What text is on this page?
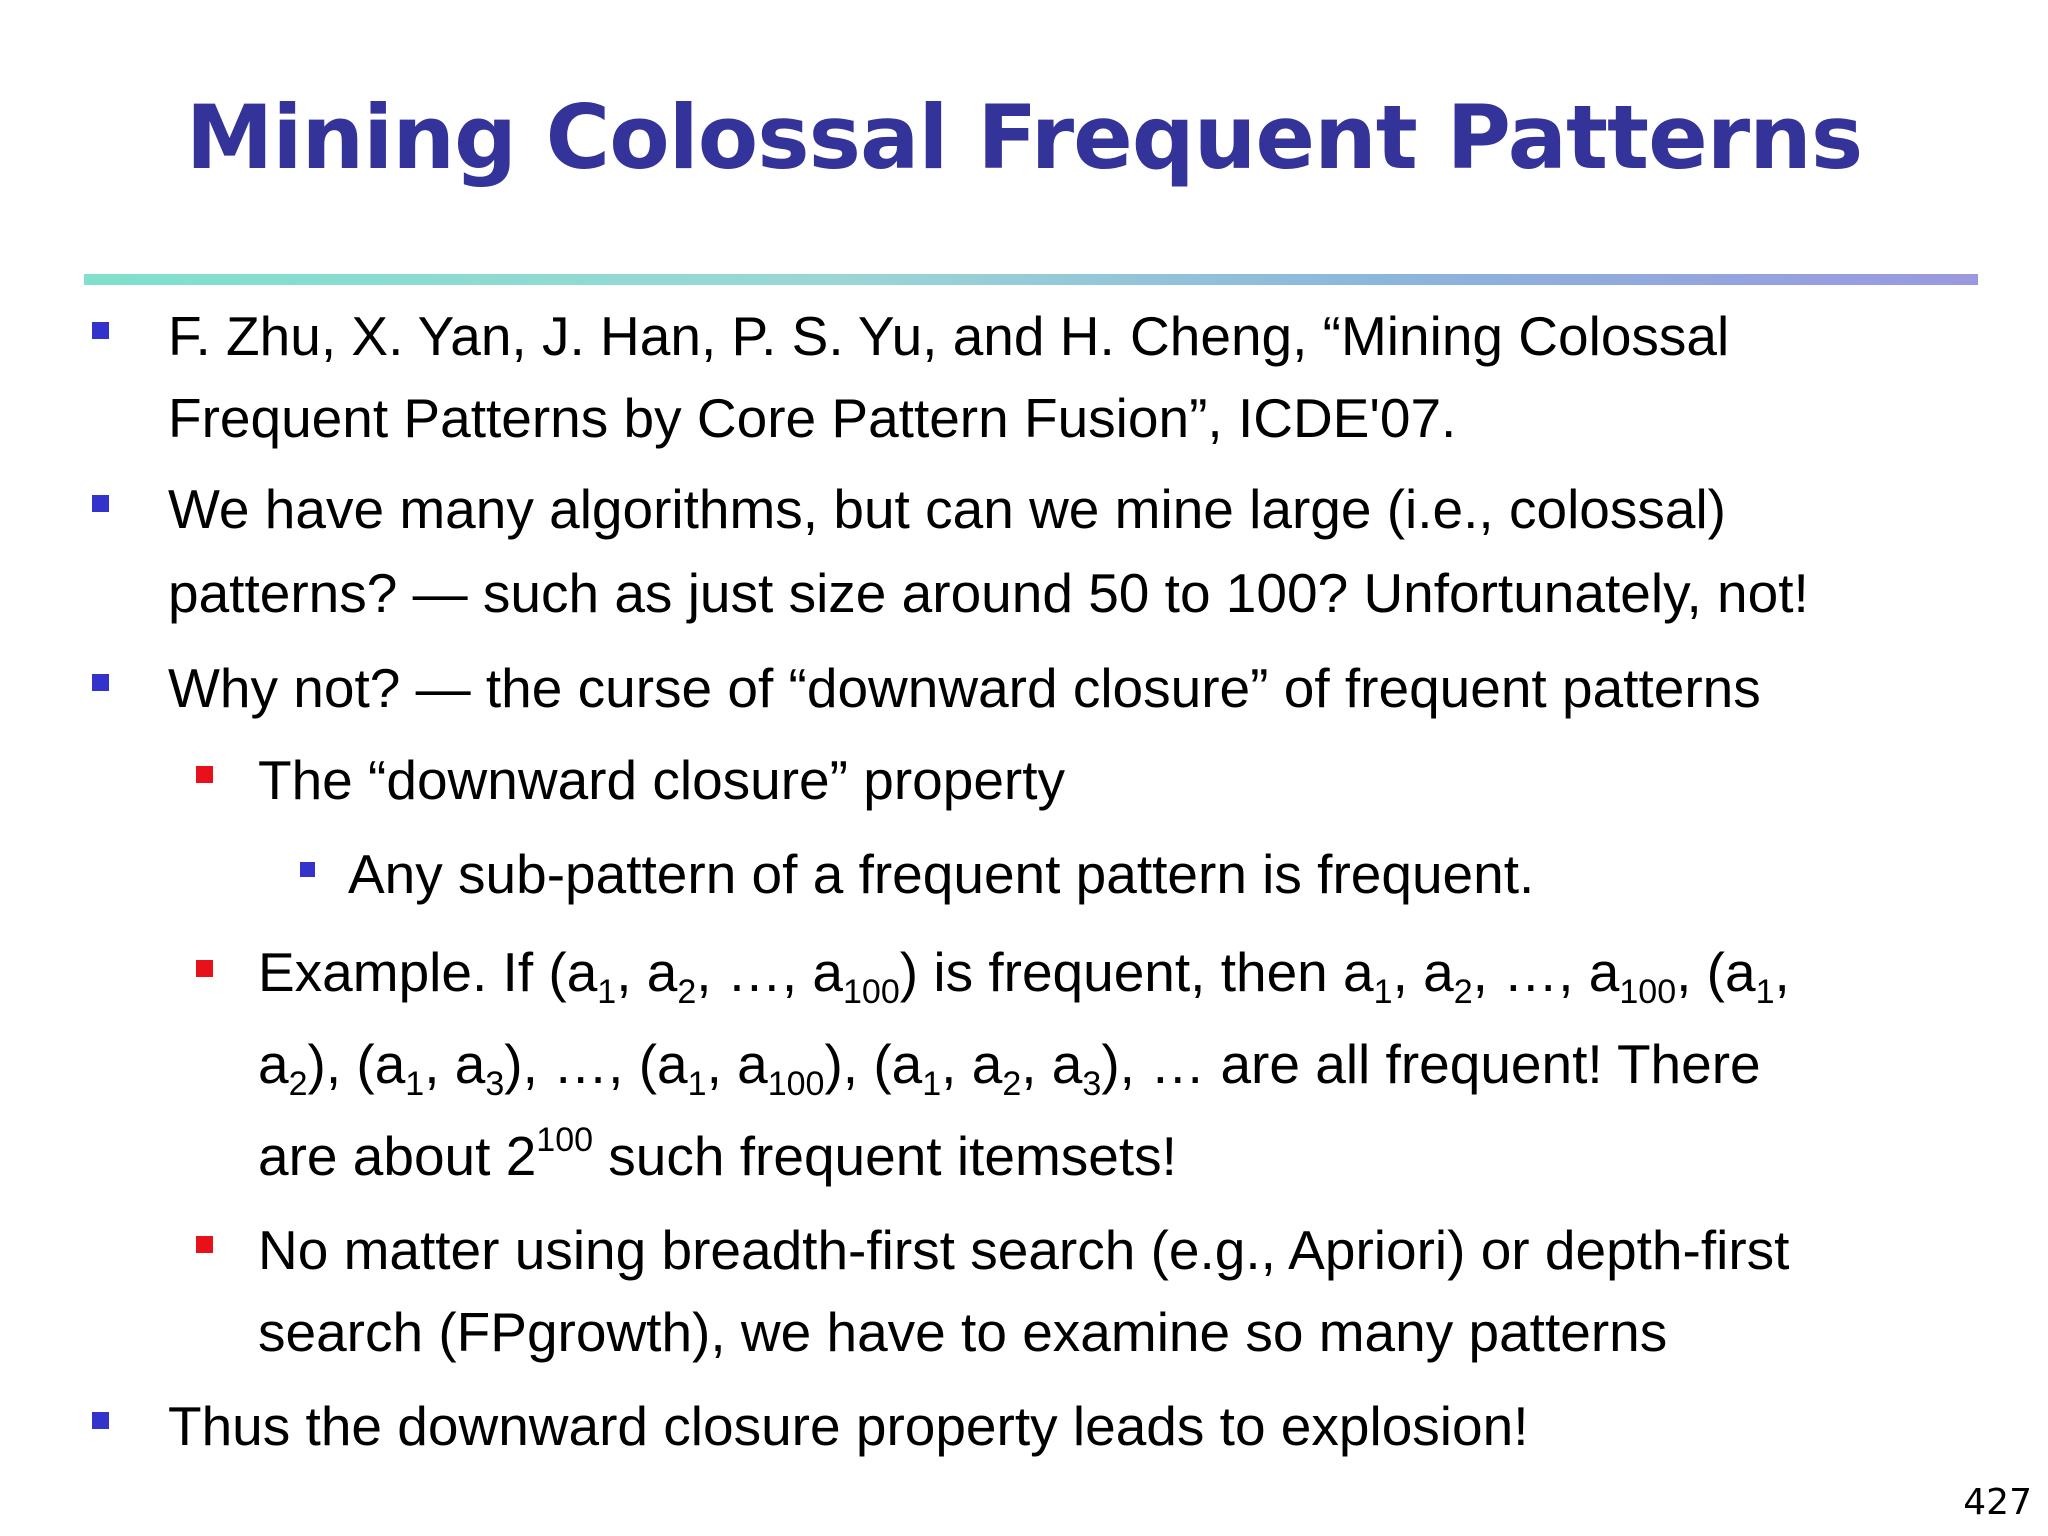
Mining Colossal Frequent Patterns
F. Zhu, X. Yan, J. Han, P. S. Yu, and H. Cheng, “Mining Colossal
Frequent Patterns by Core Pattern Fusion”, ICDE'07.
We have many algorithms, but can we mine large (i.e., colossal)
patterns? ― such as just size around 50 to 100? Unfortunately, not!
Why not? ― the curse of “downward closure” of frequent patterns
The “downward closure” property
Any sub-pattern of a frequent pattern is frequent.
Example. If ($a_1$, $a_2$, …, $a_{100}$) is frequent, then $a_1$, $a_2$, …, $a_{100}$, ($a_1$,
$a_2$), ($a_1$, $a_3$), …, ($a_1$, $a_{100}$), ($a_1$, $a_2$, $a_3$), … are all frequent! There
are about $2^{100}$ such frequent itemsets!
No matter using breadth-first search (e.g., Apriori) or depth-first
search (FPgrowth), we have to examine so many patterns
Thus the downward closure property leads to explosion!
427
